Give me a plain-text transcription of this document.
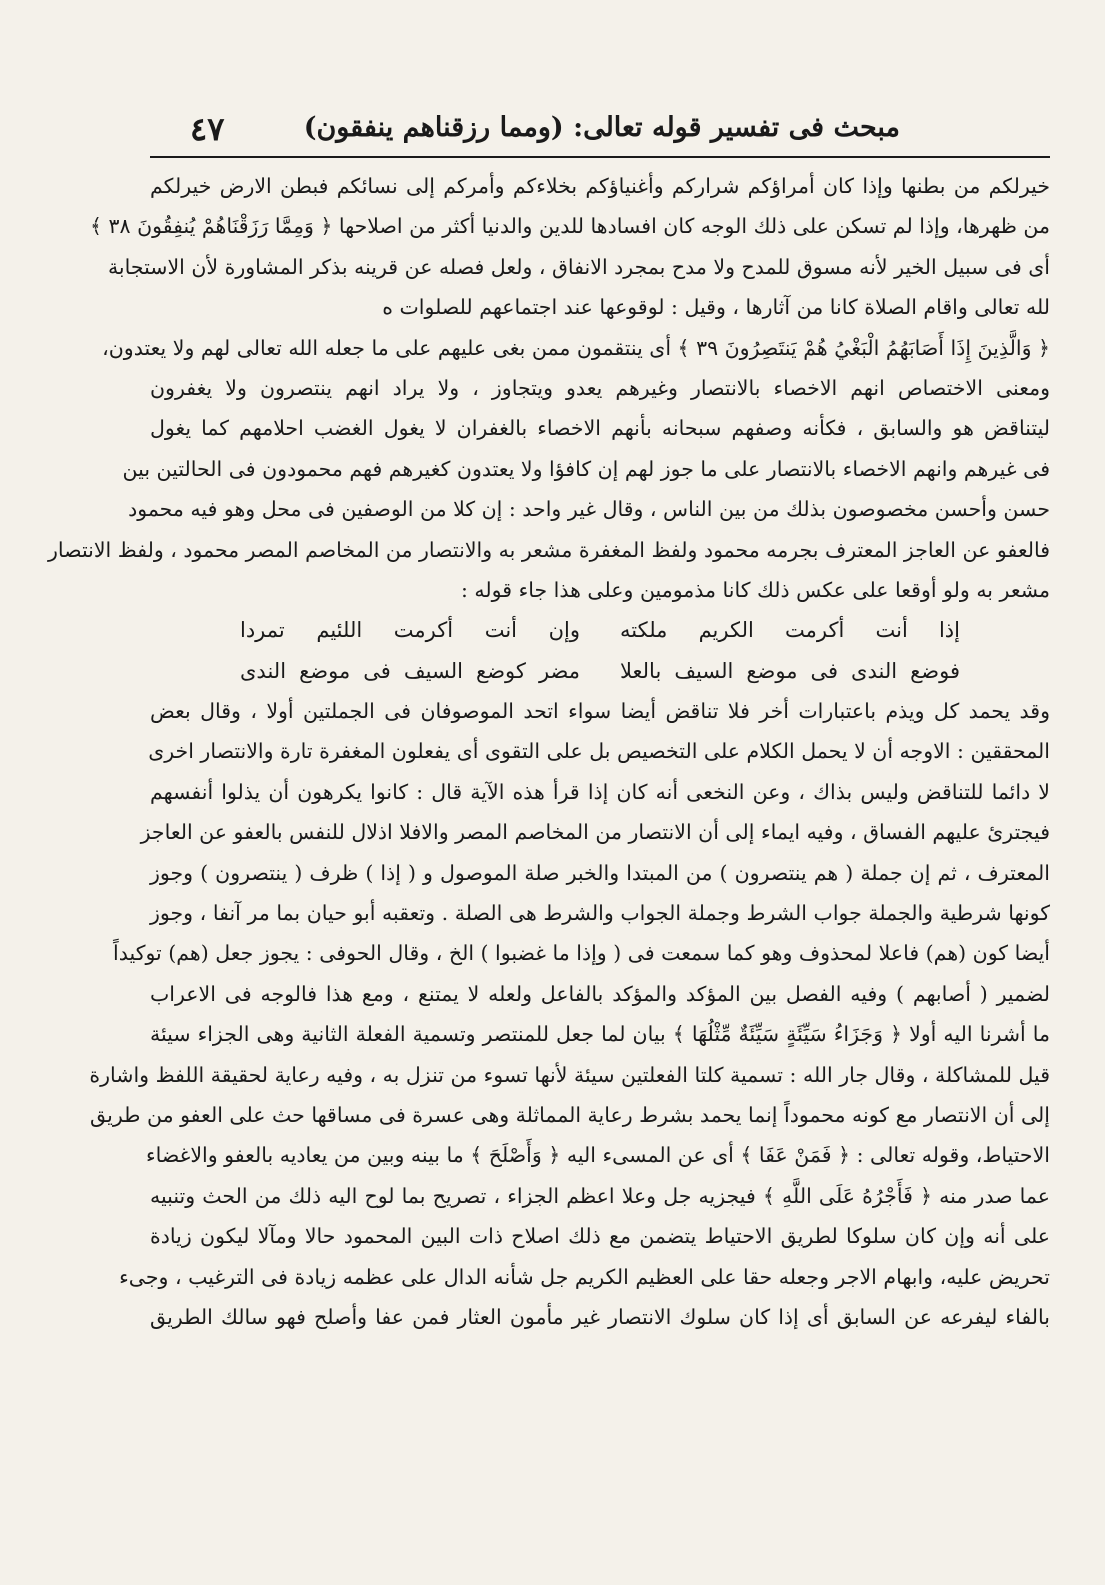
مبحث فى تفسير قوله تعالى: (ومما رزقناهم ينفقون)
٤٧
خيرلكم من بطنها وإذا كان أمراؤكم شراركم وأغنياؤكم بخلاءكم وأمركم إلى نسائكم فبطن الارض خيرلكم
من ظهرها، وإذا لم تسكن على ذلك الوجه كان افسادها للدين والدنيا أكثر من اصلاحها ﴿ وَمِمَّا رَزَقْنَاهُمْ يُنفِقُونَ ٣٨ ﴾
أى فى سبيل الخير لأنه مسوق للمدح ولا مدح بمجرد الانفاق ، ولعل فصله عن قرينه بذكر المشاورة لأن الاستجابة
لله تعالى واقام الصلاة كانا من آثارها ، وقيل : لوقوعها عند اجتماعهم للصلوات ه
﴿ وَالَّذِينَ إِذَا أَصَابَهُمُ الْبَغْيُ هُمْ يَنتَصِرُونَ ٣٩ ﴾ أى ينتقمون ممن بغى عليهم على ما جعله الله تعالى لهم ولا يعتدون،
ومعنى الاختصاص انهم الاخصاء بالانتصار وغيرهم يعدو ويتجاوز ، ولا يراد انهم ينتصرون ولا يغفرون
ليتناقض هو والسابق ، فكأنه وصفهم سبحانه بأنهم الاخصاء بالغفران لا يغول الغضب احلامهم كما يغول
فى غيرهم وانهم الاخصاء بالانتصار على ما جوز لهم إن كافؤا ولا يعتدون كغيرهم فهم محمودون فى الحالتين بين
حسن وأحسن مخصوصون بذلك من بين الناس ، وقال غير واحد : إن كلا من الوصفين فى محل وهو فيه محمود
فالعفو عن العاجز المعترف بجرمه محمود ولفظ المغفرة مشعر به والانتصار من المخاصم المصر محمود ، ولفظ الانتصار
مشعر به ولو أوقعا على عكس ذلك كانا مذمومين وعلى هذا جاء قوله :
إذا أنت أكرمت الكريم ملكته
وإن أنت أكرمت اللئيم تمردا
فوضع الندى فى موضع السيف بالعلا
مضر كوضع السيف فى موضع الندى
وقد يحمد كل ويذم باعتبارات أخر فلا تناقض أيضا سواء اتحد الموصوفان فى الجملتين أولا ، وقال بعض
المحققين : الاوجه أن لا يحمل الكلام على التخصيص بل على التقوى أى يفعلون المغفرة تارة والانتصار اخرى
لا دائما للتناقض وليس بذاك ، وعن النخعى أنه كان إذا قرأ هذه الآية قال : كانوا يكرهون أن يذلوا أنفسهم
فيجترئ عليهم الفساق ، وفيه ايماء إلى أن الانتصار من المخاصم المصر والافلا اذلال للنفس بالعفو عن العاجز
المعترف ، ثم إن جملة ( هم ينتصرون ) من المبتدا والخبر صلة الموصول و ( إذا ) ظرف ( ينتصرون ) وجوز
كونها شرطية والجملة جواب الشرط وجملة الجواب والشرط هى الصلة . وتعقبه أبو حيان بما مر آنفا ، وجوز
أيضا كون (هم) فاعلا لمحذوف وهو كما سمعت فى ( وإذا ما غضبوا ) الخ ، وقال الحوفى : يجوز جعل (هم) توكيداً
لضمير ( أصابهم ) وفيه الفصل بين المؤكد والمؤكد بالفاعل ولعله لا يمتنع ، ومع هذا فالوجه فى الاعراب
ما أشرنا اليه أولا ﴿ وَجَزَاءُ سَيِّئَةٍ سَيِّئَةٌ مِّثْلُهَا ﴾ بيان لما جعل للمنتصر وتسمية الفعلة الثانية وهى الجزاء سيئة
قيل للمشاكلة ، وقال جار الله : تسمية كلتا الفعلتين سيئة لأنها تسوء من تنزل به ، وفيه رعاية لحقيقة اللفظ واشارة
إلى أن الانتصار مع كونه محموداً إنما يحمد بشرط رعاية المماثلة وهى عسرة فى مساقها حث على العفو من طريق
الاحتياط، وقوله تعالى : ﴿ فَمَنْ عَفَا ﴾ أى عن المسىء اليه ﴿ وَأَصْلَحَ ﴾ ما بينه وبين من يعاديه بالعفو والاغضاء
عما صدر منه ﴿ فَأَجْرُهُ عَلَى اللَّهِ ﴾ فيجزيه جل وعلا اعظم الجزاء ، تصريح بما لوح اليه ذلك من الحث وتنبيه
على أنه وإن كان سلوكا لطريق الاحتياط يتضمن مع ذلك اصلاح ذات البين المحمود حالا ومآلا ليكون زيادة
تحريض عليه، وابهام الاجر وجعله حقا على العظيم الكريم جل شأنه الدال على عظمه زيادة فى الترغيب ، وجىء
بالفاء ليفرعه عن السابق أى إذا كان سلوك الانتصار غير مأمون العثار فمن عفا وأصلح فهو سالك الطريق
